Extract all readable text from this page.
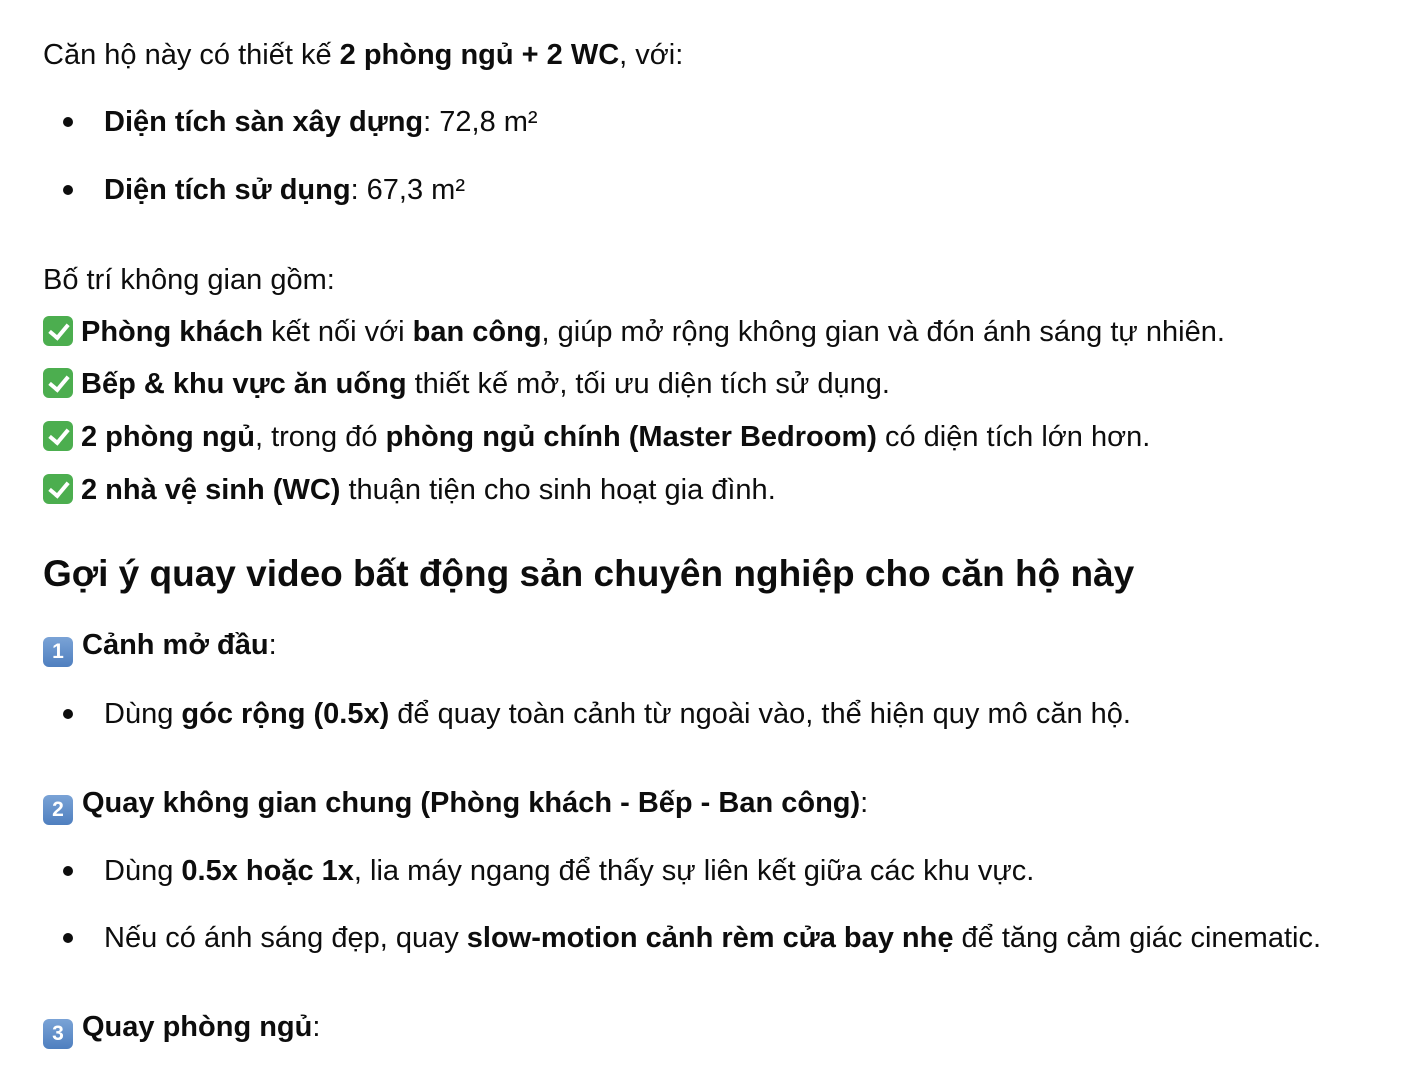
Căn hộ này có thiết kế 2 phòng ngủ + 2 WC, với:
Diện tích sàn xây dựng: 72,8 m²
Diện tích sử dụng: 67,3 m²
Bố trí không gian gồm:
Phòng khách kết nối với ban công, giúp mở rộng không gian và đón ánh sáng tự nhiên.
Bếp & khu vực ăn uống thiết kế mở, tối ưu diện tích sử dụng.
2 phòng ngủ, trong đó phòng ngủ chính (Master Bedroom) có diện tích lớn hơn.
2 nhà vệ sinh (WC) thuận tiện cho sinh hoạt gia đình.
Gợi ý quay video bất động sản chuyên nghiệp cho căn hộ này
1 Cảnh mở đầu:
Dùng góc rộng (0.5x) để quay toàn cảnh từ ngoài vào, thể hiện quy mô căn hộ.
2 Quay không gian chung (Phòng khách - Bếp - Ban công):
Dùng 0.5x hoặc 1x, lia máy ngang để thấy sự liên kết giữa các khu vực.
Nếu có ánh sáng đẹp, quay slow-motion cảnh rèm cửa bay nhẹ để tăng cảm giác cinematic.
3 Quay phòng ngủ:
